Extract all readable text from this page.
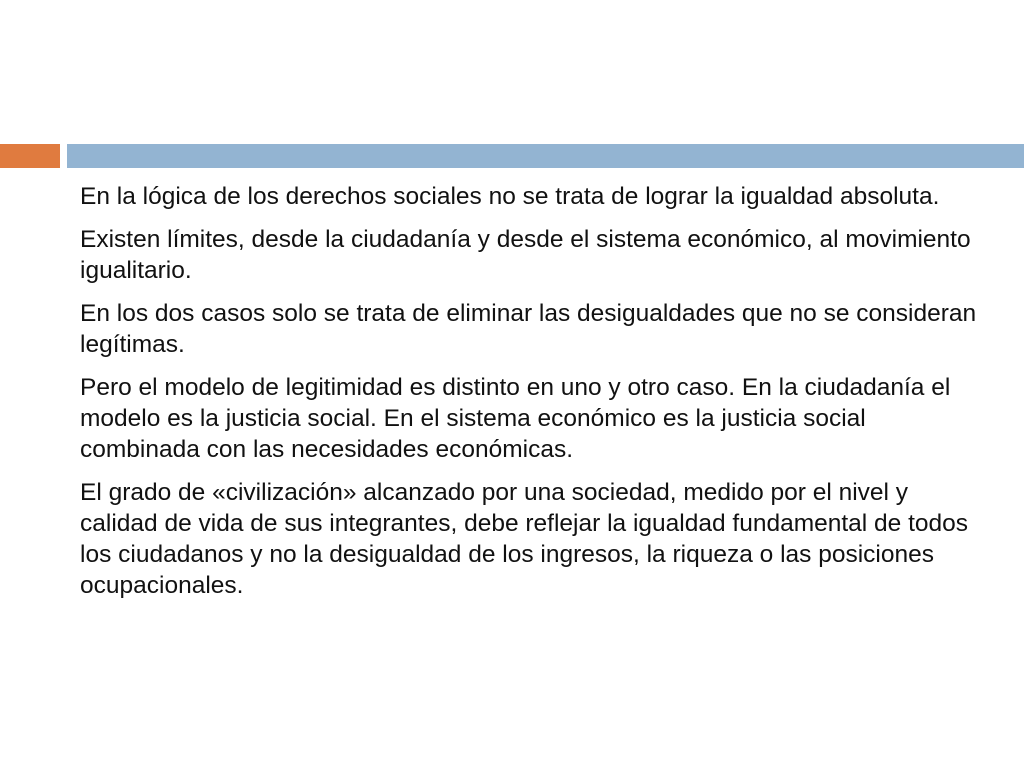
En la lógica de los derechos sociales no se trata de lograr la igualdad absoluta.

Existen límites, desde la ciudadanía y desde el sistema económico, al movimiento igualitario.

En los dos casos solo se trata de eliminar las desigualdades que no se consideran legítimas.

Pero el modelo de legitimidad es distinto en uno y otro caso. En la ciudadanía el modelo es la justicia social. En el sistema económico es la justicia social combinada con las necesidades económicas.

El grado de «civilización» alcanzado por una sociedad, medido por el nivel y calidad de vida de sus integrantes, debe reflejar la igualdad fundamental de todos los ciudadanos y no la desigualdad de los ingresos, la riqueza o las posiciones ocupacionales.
